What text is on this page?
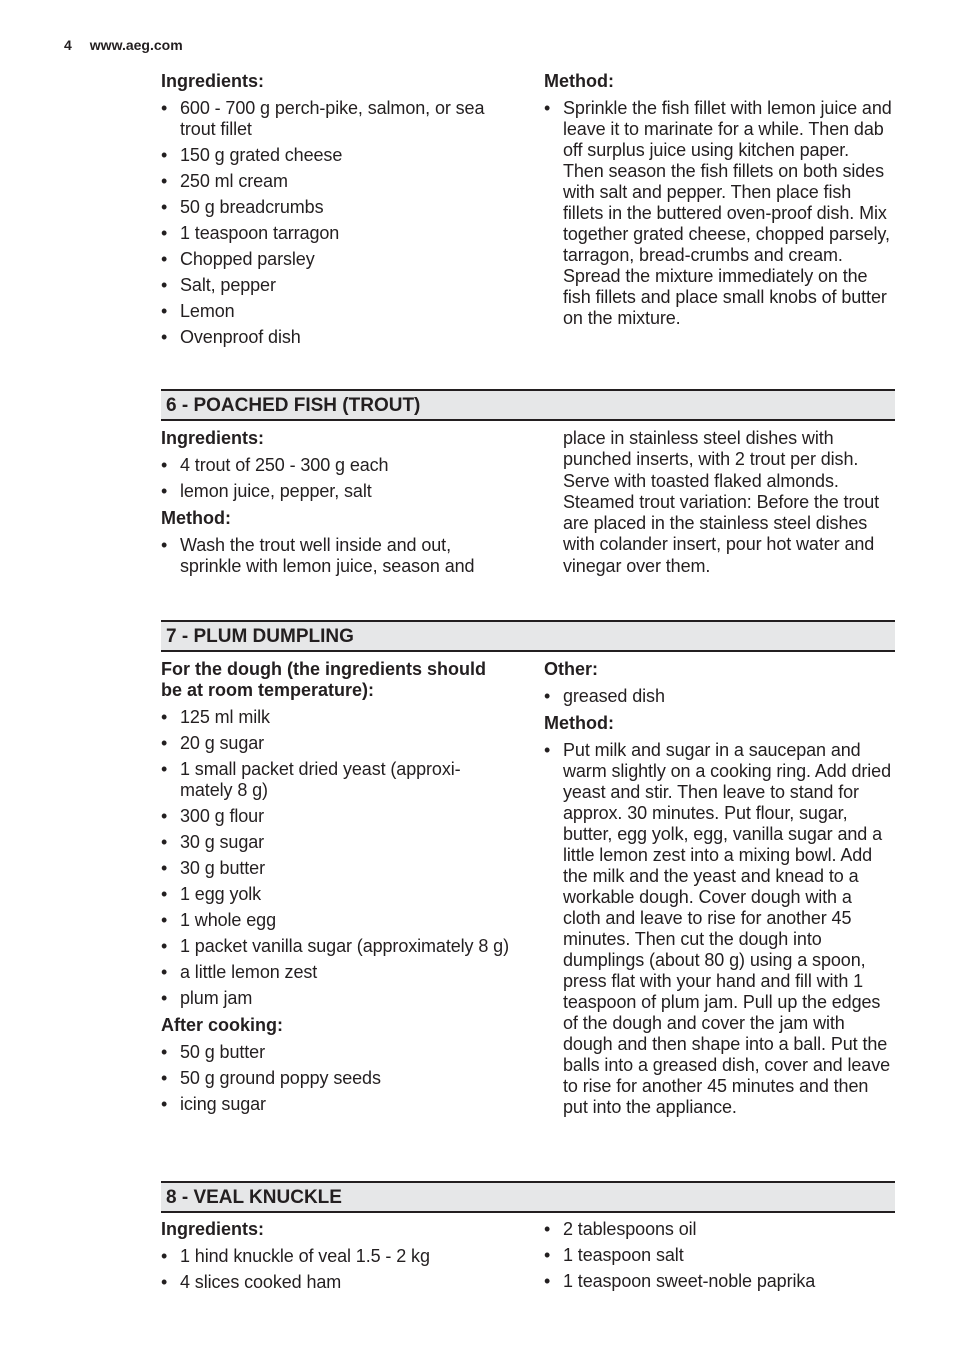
4 www.aeg.com
Ingredients:
• 600 - 700 g perch-pike, salmon, or sea trout fillet
• 150 g grated cheese
• 250 ml cream
• 50 g breadcrumbs
• 1 teaspoon tarragon
• Chopped parsley
• Salt, pepper
• Lemon
• Ovenproof dish
Method:
• Sprinkle the fish fillet with lemon juice and leave it to marinate for a while. Then dab off surplus juice using kitchen paper. Then season the fish fillets on both sides with salt and pepper. Then place fish fillets in the buttered oven-proof dish. Mix together grated cheese, chopped parsely, tarragon, bread-crumbs and cream. Spread the mixture immediately on the fish fillets and place small knobs of butter on the mixture.
6 - POACHED FISH (TROUT)
Ingredients:
• 4 trout of 250 - 300 g each
• lemon juice, pepper, salt
Method:
• Wash the trout well inside and out, sprinkle with lemon juice, season and
place in stainless steel dishes with punched inserts, with 2 trout per dish. Serve with toasted flaked almonds. Steamed trout variation: Before the trout are placed in the stainless steel dishes with colander insert, pour hot water and vinegar over them.
7 - PLUM DUMPLING
For the dough (the ingredients should be at room temperature):
• 125 ml milk
• 20 g sugar
• 1 small packet dried yeast (approxi-mately 8 g)
• 300 g flour
• 30 g sugar
• 30 g butter
• 1 egg yolk
• 1 whole egg
• 1 packet vanilla sugar (approximately 8 g)
• a little lemon zest
• plum jam
After cooking:
• 50 g butter
• 50 g ground poppy seeds
• icing sugar
Other:
• greased dish
Method:
• Put milk and sugar in a saucepan and warm slightly on a cooking ring. Add dried yeast and stir. Then leave to stand for approx. 30 minutes. Put flour, sugar, butter, egg yolk, egg, vanilla sugar and a little lemon zest into a mixing bowl. Add the milk and the yeast and knead to a workable dough. Cover dough with a cloth and leave to rise for another 45 minutes. Then cut the dough into dumplings (about 80 g) using a spoon, press flat with your hand and fill with 1 teaspoon of plum jam. Pull up the edges of the dough and cover the jam with dough and then shape into a ball. Put the balls into a greased dish, cover and leave to rise for another 45 minutes and then put into the appliance.
8 - VEAL KNUCKLE
Ingredients:
• 1 hind knuckle of veal 1.5 - 2 kg
• 4 slices cooked ham
• 2 tablespoons oil
• 1 teaspoon salt
• 1 teaspoon sweet-noble paprika
